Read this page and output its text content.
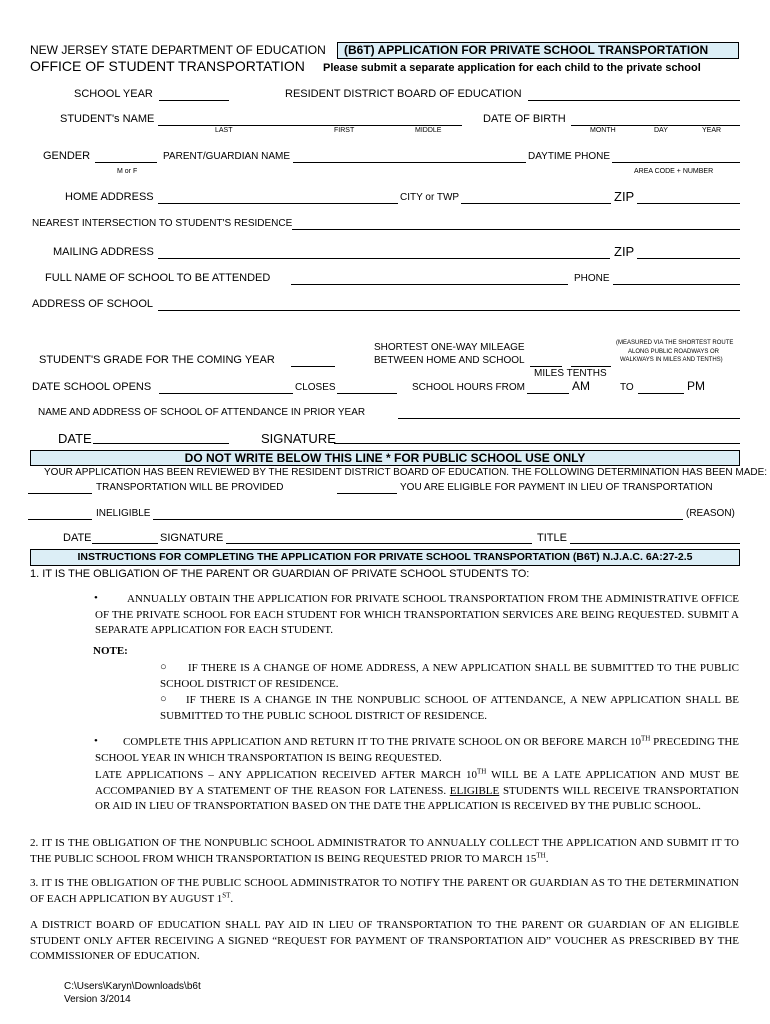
NEW JERSEY STATE DEPARTMENT OF EDUCATION
OFFICE OF STUDENT TRANSPORTATION
(B6T) APPLICATION FOR PRIVATE SCHOOL TRANSPORTATION
Please submit a separate application for each child to the private school
SCHOOL YEAR	RESIDENT DISTRICT BOARD OF EDUCATION
STUDENT's NAME
LAST	FIRST	MIDDLE
DATE OF BIRTH
MONTH	DAY	YEAR
GENDER
M or F
PARENT/GUARDIAN NAME	DAYTIME PHONE
AREA CODE + NUMBER
HOME ADDRESS	CITY or TWP	ZIP
NEAREST INTERSECTION TO STUDENT'S RESIDENCE
MAILING ADDRESS	ZIP
FULL NAME OF SCHOOL TO BE ATTENDED	PHONE
ADDRESS OF SCHOOL
SHORTEST ONE-WAY MILEAGE
BETWEEN HOME AND SCHOOL
(MEASURED VIA THE SHORTEST ROUTE
ALONG PUBLIC ROADWAYS OR
WALKWAYS IN MILES AND TENTHS)
MILES TENTHS
STUDENT'S GRADE FOR THE COMING YEAR
DATE SCHOOL OPENS	CLOSES	SCHOOL HOURS FROM	AM	TO	PM
NAME AND ADDRESS OF SCHOOL OF ATTENDANCE IN PRIOR YEAR
DATE	SIGNATURE
DO NOT WRITE BELOW THIS LINE * FOR PUBLIC SCHOOL USE ONLY
YOUR APPLICATION HAS BEEN REVIEWED BY THE RESIDENT DISTRICT BOARD OF EDUCATION. THE FOLLOWING DETERMINATION HAS BEEN MADE:
TRANSPORTATION WILL BE PROVIDED	YOU ARE ELIGIBLE FOR PAYMENT IN LIEU OF TRANSPORTATION
INELIGIBLE	(REASON)
DATE	SIGNATURE	TITLE
INSTRUCTIONS FOR COMPLETING THE APPLICATION FOR PRIVATE SCHOOL TRANSPORTATION (B6T) N.J.A.C. 6A:27-2.5
1. IT IS THE OBLIGATION OF THE PARENT OR GUARDIAN OF PRIVATE SCHOOL STUDENTS TO:
•	ANNUALLY OBTAIN THE APPLICATION FOR PRIVATE SCHOOL TRANSPORTATION FROM THE ADMINISTRATIVE OFFICE OF THE PRIVATE SCHOOL FOR EACH STUDENT FOR WHICH TRANSPORTATION SERVICES ARE BEING REQUESTED. SUBMIT A SEPARATE APPLICATION FOR EACH STUDENT.
NOTE:
○	IF THERE IS A CHANGE OF HOME ADDRESS, A NEW APPLICATION SHALL BE SUBMITTED TO THE PUBLIC SCHOOL DISTRICT OF RESIDENCE.
○	IF THERE IS A CHANGE IN THE NONPUBLIC SCHOOL OF ATTENDANCE, A NEW APPLICATION SHALL BE SUBMITTED TO THE PUBLIC SCHOOL DISTRICT OF RESIDENCE.
•	COMPLETE THIS APPLICATION AND RETURN IT TO THE PRIVATE SCHOOL ON OR BEFORE MARCH 10TH PRECEDING THE SCHOOL YEAR IN WHICH TRANSPORTATION IS BEING REQUESTED.
LATE APPLICATIONS – ANY APPLICATION RECEIVED AFTER MARCH 10TH WILL BE A LATE APPLICATION AND MUST BE ACCOMPANIED BY A STATEMENT OF THE REASON FOR LATENESS. ELIGIBLE STUDENTS WILL RECEIVE TRANSPORTATION OR AID IN LIEU OF TRANSPORTATION BASED ON THE DATE THE APPLICATION IS RECEIVED BY THE PUBLIC SCHOOL.
2. IT IS THE OBLIGATION OF THE NONPUBLIC SCHOOL ADMINISTRATOR TO ANNUALLY COLLECT THE APPLICATION AND SUBMIT IT TO THE PUBLIC SCHOOL FROM WHICH TRANSPORTATION IS BEING REQUESTED PRIOR TO MARCH 15TH.
3. IT IS THE OBLIGATION OF THE PUBLIC SCHOOL ADMINISTRATOR TO NOTIFY THE PARENT OR GUARDIAN AS TO THE DETERMINATION OF EACH APPLICATION BY AUGUST 1ST.
A DISTRICT BOARD OF EDUCATION SHALL PAY AID IN LIEU OF TRANSPORTATION TO THE PARENT OR GUARDIAN OF AN ELIGIBLE STUDENT ONLY AFTER RECEIVING A SIGNED “REQUEST FOR PAYMENT OF TRANSPORTATION AID” VOUCHER AS PRESCRIBED BY THE COMMISSIONER OF EDUCATION.
C:\Users\Karyn\Downloads\b6t
Version 3/2014
